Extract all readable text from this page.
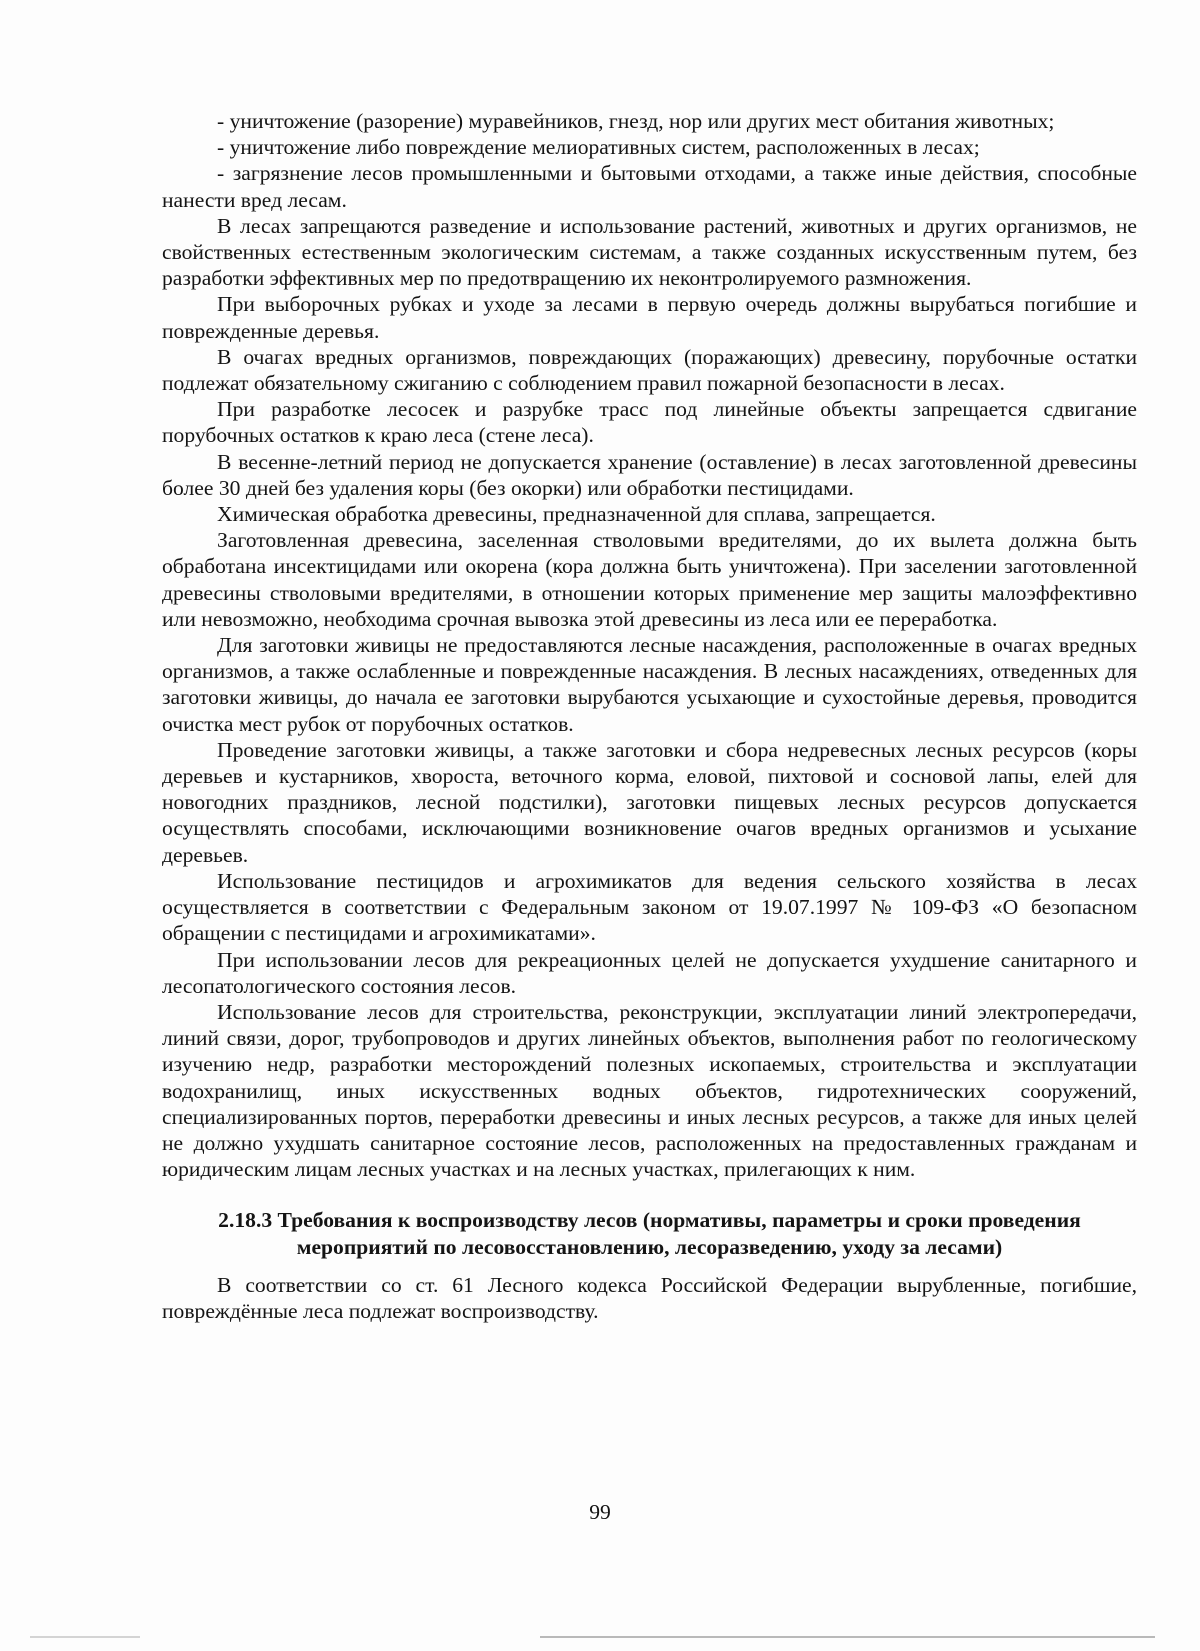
- уничтожение (разорение) муравейников, гнезд, нор или других мест обитания животных;

- уничтожение либо повреждение мелиоративных систем, расположенных в лесах;

- загрязнение лесов промышленными и бытовыми отходами, а также иные действия, способные нанести вред лесам.

В лесах запрещаются разведение и использование растений, животных и других организмов, не свойственных естественным экологическим системам, а также созданных искусственным путем, без разработки эффективных мер по предотвращению их неконтролируемого размножения.

При выборочных рубках и уходе за лесами в первую очередь должны вырубаться погибшие и поврежденные деревья.

В очагах вредных организмов, повреждающих (поражающих) древесину, порубочные остатки подлежат обязательному сжиганию с соблюдением правил пожарной безопасности в лесах.

При разработке лесосек и разрубке трасс под линейные объекты запрещается сдвигание порубочных остатков к краю леса (стене леса).

В весенне-летний период не допускается хранение (оставление) в лесах заготовленной древесины более 30 дней без удаления коры (без окорки) или обработки пестицидами.

Химическая обработка древесины, предназначенной для сплава, запрещается.

Заготовленная древесина, заселенная стволовыми вредителями, до их вылета должна быть обработана инсектицидами или окорена (кора должна быть уничтожена). При заселении заготовленной древесины стволовыми вредителями, в отношении которых применение мер защиты малоэффективно или невозможно, необходима срочная вывозка этой древесины из леса или ее переработка.

Для заготовки живицы не предоставляются лесные насаждения, расположенные в очагах вредных организмов, а также ослабленные и поврежденные насаждения. В лесных насаждениях, отведенных для заготовки живицы, до начала ее заготовки вырубаются усыхающие и сухостойные деревья, проводится очистка мест рубок от порубочных остатков.

Проведение заготовки живицы, а также заготовки и сбора недревесных лесных ресурсов (коры деревьев и кустарников, хвороста, веточного корма, еловой, пихтовой и сосновой лапы, елей для новогодних праздников, лесной подстилки), заготовки пищевых лесных ресурсов допускается осуществлять способами, исключающими возникновение очагов вредных организмов и усыхание деревьев.

Использование пестицидов и агрохимикатов для ведения сельского хозяйства в лесах осуществляется в соответствии с Федеральным законом от 19.07.1997 № 109-ФЗ «О безопасном обращении с пестицидами и агрохимикатами».

При использовании лесов для рекреационных целей не допускается ухудшение санитарного и лесопатологического состояния лесов.

Использование лесов для строительства, реконструкции, эксплуатации линий электропередачи, линий связи, дорог, трубопроводов и других линейных объектов, выполнения работ по геологическому изучению недр, разработки месторождений полезных ископаемых, строительства и эксплуатации водохранилищ, иных искусственных водных объектов, гидротехнических сооружений, специализированных портов, переработки древесины и иных лесных ресурсов, а также для иных целей не должно ухудшать санитарное состояние лесов, расположенных на предоставленных гражданам и юридическим лицам лесных участках и на лесных участках, прилегающих к ним.

2.18.3 Требования к воспроизводству лесов (нормативы, параметры и сроки проведения мероприятий по лесовосстановлению, лесоразведению, уходу за лесами)

В соответствии со ст. 61 Лесного кодекса Российской Федерации вырубленные, погибшие, повреждённые леса подлежат воспроизводству.

99
